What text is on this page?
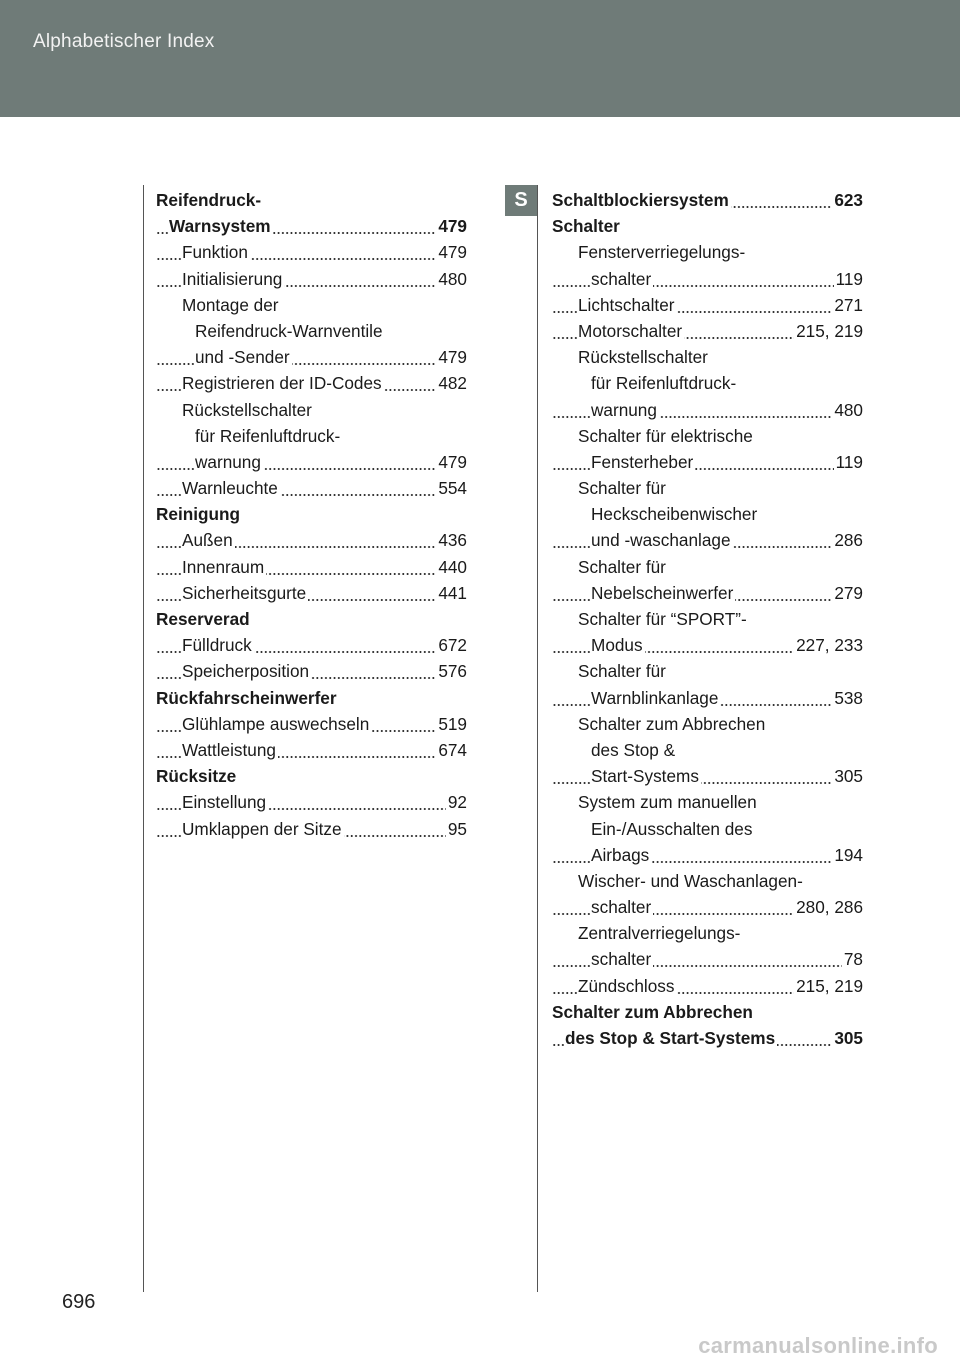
Alphabetischer Index
Reifendruck-
Warnsystem	479
Funktion	479
Initialisierung	480
Montage der
Reifendruck-Warnventile
und -Sender	479
Registrieren der ID-Codes	482
Rückstellschalter
für Reifenluftdruck-
warnung	479
Warnleuchte	554
Reinigung
Außen	436
Innenraum	440
Sicherheitsgurte	441
Reserverad
Fülldruck	672
Speicherposition	576
Rückfahrscheinwerfer
Glühlampe auswechseln	519
Wattleistung	674
Rücksitze
Einstellung	92
Umklappen der Sitze	95
S	Schaltblockiersystem	623
Schalter
Fensterverriegelungs-
schalter	119
Lichtschalter	271
Motorschalter	215, 219
Rückstellschalter
für Reifenluftdruck-
warnung	480
Schalter für elektrische
Fensterheber	119
Schalter für
Heckscheibenwischer
und -waschanlage	286
Schalter für
Nebelscheinwerfer	279
Schalter für “SPORT”-
Modus	227, 233
Schalter für
Warnblinkanlage	538
Schalter zum Abbrechen
des Stop &
Start-Systems	305
System zum manuellen
Ein-/Ausschalten des
Airbags	194
Wischer- und Waschanlagen-
schalter	280, 286
Zentralverriegelungs-
schalter	78
Zündschloss	215, 219
Schalter zum Abbrechen
des Stop & Start-Systems	305
696
carmanualsonline.info
